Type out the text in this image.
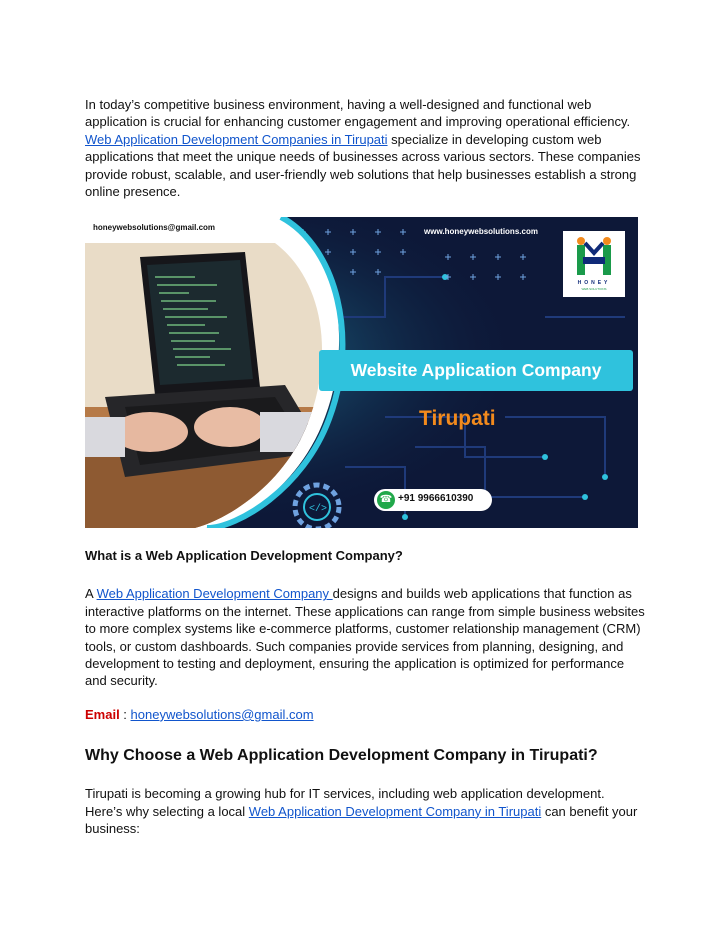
In today’s competitive business environment, having a well-designed and functional web application is crucial for enhancing customer engagement and improving operational efficiency. Web Application Development Companies in Tirupati specialize in developing custom web applications that meet the unique needs of businesses across various sectors. These companies provide robust, scalable, and user-friendly web solutions that help businesses establish a strong online presence.

</>
honeywebsolutions@gmail.com	www.honeywebsolutions.com
HONEY
WEB SOLUTIONS
Website Application Company
Tirupati
☎ +91 9966610390
What is a Web Application Development Company?

A Web Application Development Company designs and builds web applications that function as interactive platforms on the internet. These applications can range from simple business websites to more complex systems like e-commerce platforms, customer relationship management (CRM) tools, or custom dashboards. Such companies provide services from planning, designing, and development to testing and deployment, ensuring the application is optimized for performance and security.

Email : honeywebsolutions@gmail.com

Why Choose a Web Application Development Company in Tirupati?

Tirupati is becoming a growing hub for IT services, including web application development. Here’s why selecting a local Web Application Development Company in Tirupati can benefit your business:
